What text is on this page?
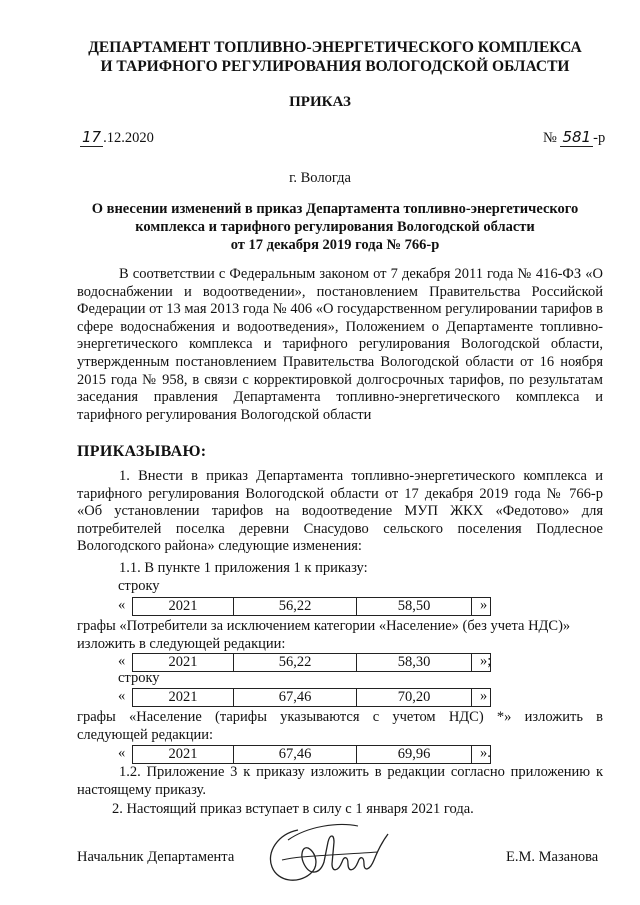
ДЕПАРТАМЕНТ ТОПЛИВНО-ЭНЕРГЕТИЧЕСКОГО КОМПЛЕКСА
И ТАРИФНОГО РЕГУЛИРОВАНИЯ ВОЛОГОДСКОЙ ОБЛАСТИ
ПРИКАЗ
17 .12.2020	№ 581 -р
г. Вологда
О внесении изменений в приказ Департамента топливно-энергетического
комплекса и тарифного регулирования Вологодской области
от 17 декабря 2019 года № 766-р
В соответствии с Федеральным законом от 7 декабря 2011 года № 416-ФЗ «О водоснабжении и водоотведении», постановлением Правительства Российской Федерации от 13 мая 2013 года № 406 «О государственном регулировании тарифов в сфере водоснабжения и водоотведения», Положением о Департаменте топливно-энергетического комплекса и тарифного регулирования Вологодской области, утвержденным постановлением Правительства Вологодской области от 16 ноября 2015 года № 958, в связи с корректировкой долгосрочных тарифов, по результатам заседания правления Департамента топливно-энергетического комплекса и тарифного регулирования Вологодской области
ПРИКАЗЫВАЮ:
1. Внести в приказ Департамента топливно-энергетического комплекса и тарифного регулирования Вологодской области от 17 декабря 2019 года № 766-р «Об установлении тарифов на водоотведение МУП ЖКХ «Федотово» для потребителей поселка деревни Снасудово сельского поселения Подлесное Вологодского района» следующие изменения:
1.1. В пункте 1 приложения 1 к приказу:
строку
«	2021	56,22	58,50	»
графы «Потребители за исключением категории «Население» (без учета НДС)»
изложить в следующей редакции:
«	2021	56,22	58,30	»;
строку
«	2021	67,46	70,20	»
графы «Население (тарифы указываются с учетом НДС) *» изложить в
следующей редакции:
«	2021	67,46	69,96	».
1.2. Приложение 3 к приказу изложить в редакции согласно приложению к настоящему приказу.
2. Настоящий приказ вступает в силу с 1 января 2021 года.
Начальник Департамента	Е.М. Мазанова
